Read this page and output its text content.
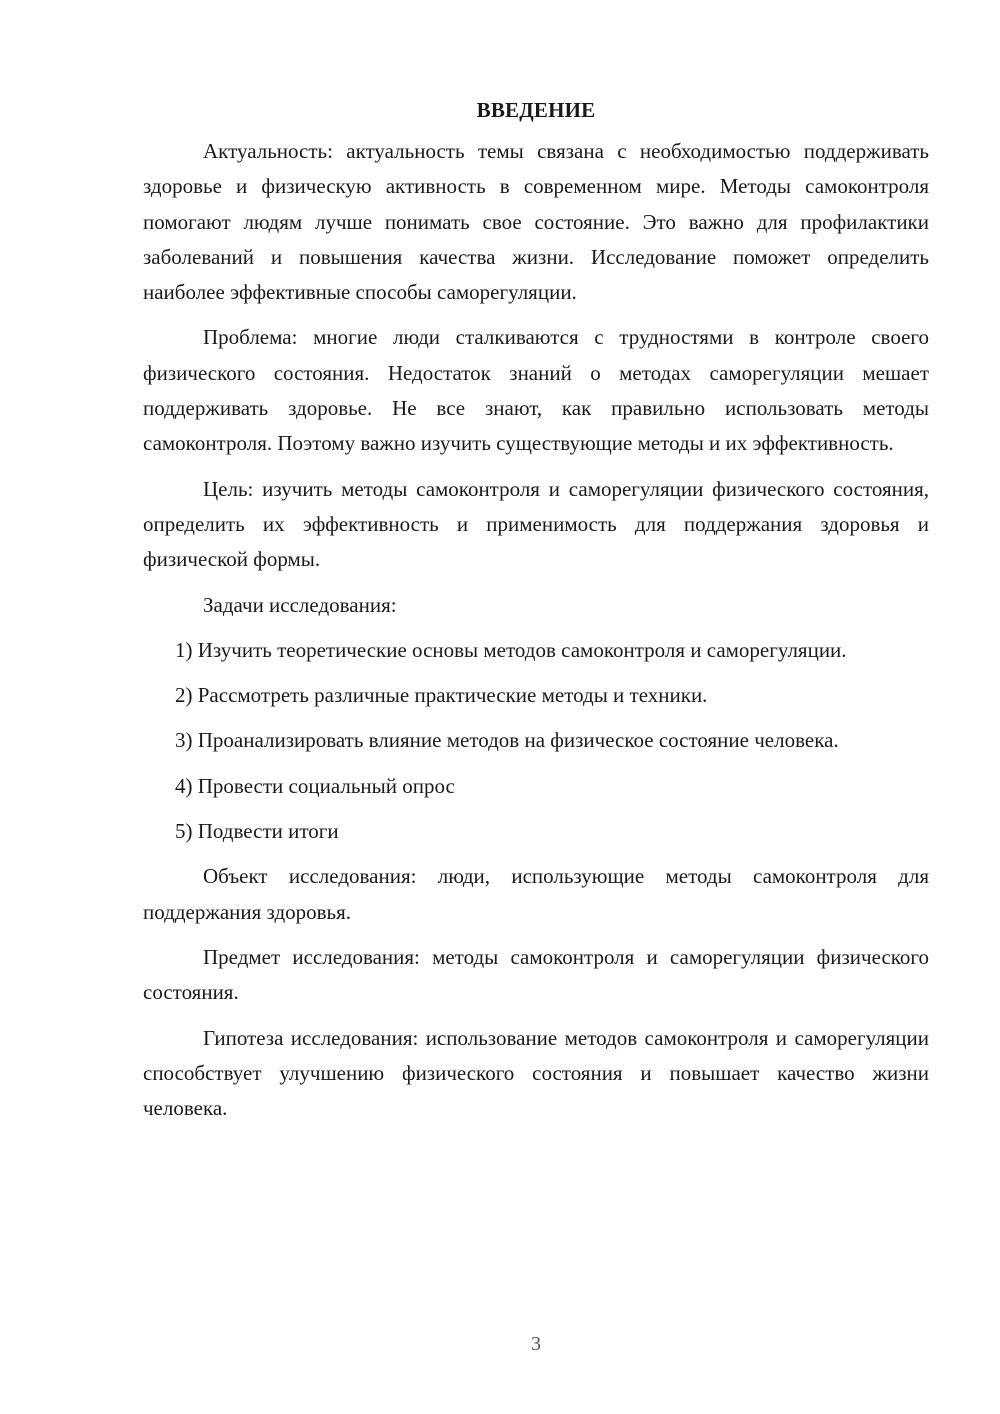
ВВЕДЕНИЕ

Актуальность: актуальность темы связана с необходимостью поддерживать здоровье и физическую активность в современном мире. Методы самоконтроля помогают людям лучше понимать свое состояние. Это важно для профилактики заболеваний и повышения качества жизни. Исследование поможет определить наиболее эффективные способы саморегуляции.

Проблема: многие люди сталкиваются с трудностями в контроле своего физического состояния. Недостаток знаний о методах саморегуляции мешает поддерживать здоровье. Не все знают, как правильно использовать методы самоконтроля. Поэтому важно изучить существующие методы и их эффективность.

Цель: изучить методы самоконтроля и саморегуляции физического состояния, определить их эффективность и применимость для поддержания здоровья и физической формы.

Задачи исследования:

1) Изучить теоретические основы методов самоконтроля и саморегуляции.

2) Рассмотреть различные практические методы и техники.

3) Проанализировать влияние методов на физическое состояние человека.

4) Провести социальный опрос

5) Подвести итоги

Объект исследования: люди, использующие методы самоконтроля для поддержания здоровья.

Предмет исследования: методы самоконтроля и саморегуляции физического состояния.

Гипотеза исследования: использование методов самоконтроля и саморегуляции способствует улучшению физического состояния и повышает качество жизни человека.

3
